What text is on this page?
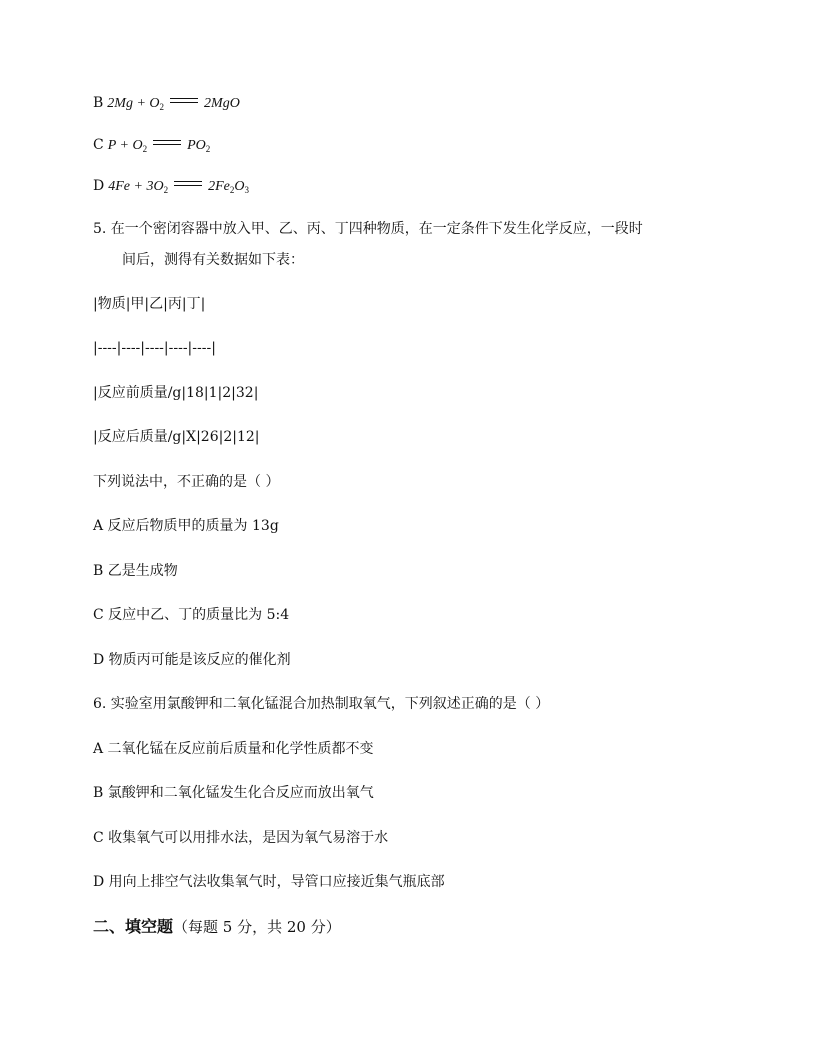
B $2Mg + O_2$	2MgO
C $P + O_2$	$PO_2$
D $4Fe + 3O_2$	$2Fe_2O_3$
5. 在一个密闭容器中放入甲、乙、丙、丁四种物质，在一定条件下发生化学反应，一段时
间后，测得有关数据如下表：
|物质|甲|乙|丙|丁|
|----|----|----|----|----|
|反应前质量/g|18|1|2|32|
|反应后质量/g|X|26|2|12|
下列说法中，不正确的是（ ）
A 反应后物质甲的质量为 13g
B 乙是生成物
C 反应中乙、丁的质量比为 5:4
D 物质丙可能是该反应的催化剂
6. 实验室用氯酸钾和二氧化锰混合加热制取氧气，下列叙述正确的是（ ）
A 二氧化锰在反应前后质量和化学性质都不变
B 氯酸钾和二氧化锰发生化合反应而放出氧气
C 收集氧气可以用排水法，是因为氧气易溶于水
D 用向上排空气法收集氧气时，导管口应接近集气瓶底部
二、填空题（每题 5 分，共 20 分）
